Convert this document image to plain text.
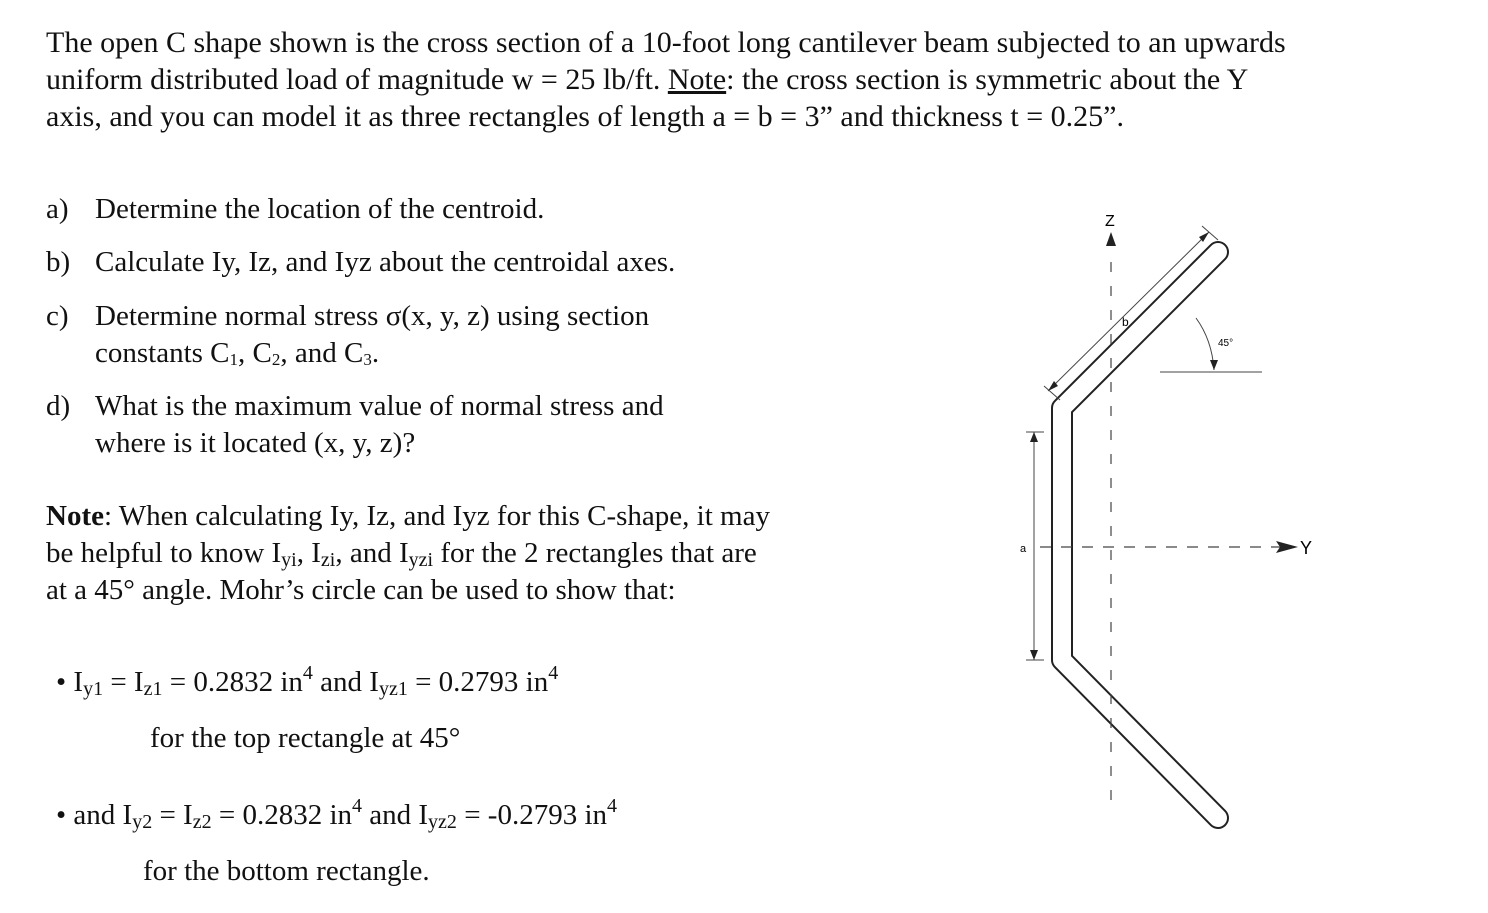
The open C shape shown is the cross section of a 10-foot long cantilever beam subjected to an upwards
uniform distributed load of magnitude w = 25 lb/ft. Note: the cross section is symmetric about the Y
axis, and you can model it as three rectangles of length a = b = 3” and thickness t = 0.25”.
a) Determine the location of the centroid.
b) Calculate Iy, Iz, and Iyz about the centroidal axes.
c) Determine normal stress σ(x, y, z) using section
constants C1, C2, and C3.
d) What is the maximum value of normal stress and
where is it located (x, y, z)?
Note: When calculating Iy, Iz, and Iyz for this C-shape, it may
be helpful to know $I_{yi}$, $I_{zi}$, and $I_{yzi}$ for the 2 rectangles that are
at a 45° angle. Mohr’s circle can be used to show that:
• $I_{y1} = I_{z1} = 0.2832$ $in^4$ and $I_{yz1} = 0.2793$ $in^4$
for the top rectangle at 45°
• and $I_{y2} = I_{z2} = 0.2832$ $in^4$ and $I_{yz2} = -0.2793$ $in^4$
for the bottom rectangle.
Z
Y
b
a
45°
